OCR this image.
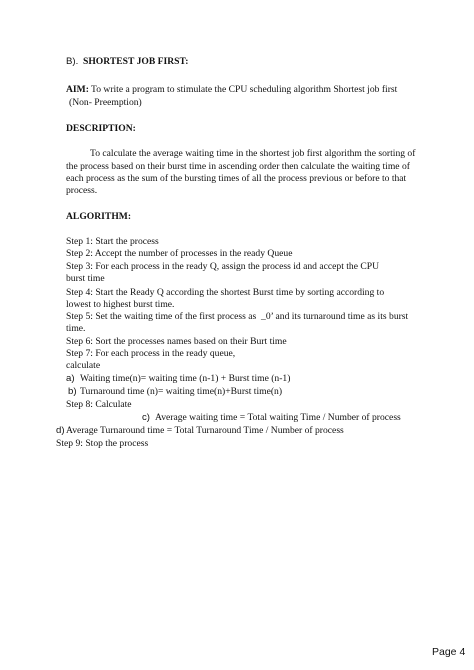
B). SHORTEST JOB FIRST:
AIM: To write a program to stimulate the CPU scheduling algorithm Shortest job first
(Non- Preemption)
DESCRIPTION:
To calculate the average waiting time in the shortest job first algorithm the sorting of
the process based on their burst time in ascending order then calculate the waiting time of
each process as the sum of the bursting times of all the process previous or before to that
process.
ALGORITHM:
Step 1: Start the process
Step 2: Accept the number of processes in the ready Queue
Step 3: For each process in the ready Q, assign the process id and accept the CPU
burst time
Step 4: Start the Ready Q according the shortest Burst time by sorting according to
lowest to highest burst time.
Step 5: Set the waiting time of the first process as  _0’ and its turnaround time as its burst
time.
Step 6: Sort the processes names based on their Burt time
Step 7: For each process in the ready queue,
calculate
a) Waiting time(n)= waiting time (n-1) + Burst time (n-1)
b) Turnaround time (n)= waiting time(n)+Burst time(n)
Step 8: Calculate
c) Average waiting time = Total waiting Time / Number of process
d) Average Turnaround time = Total Turnaround Time / Number of process
Step 9: Stop the process
Page 4
